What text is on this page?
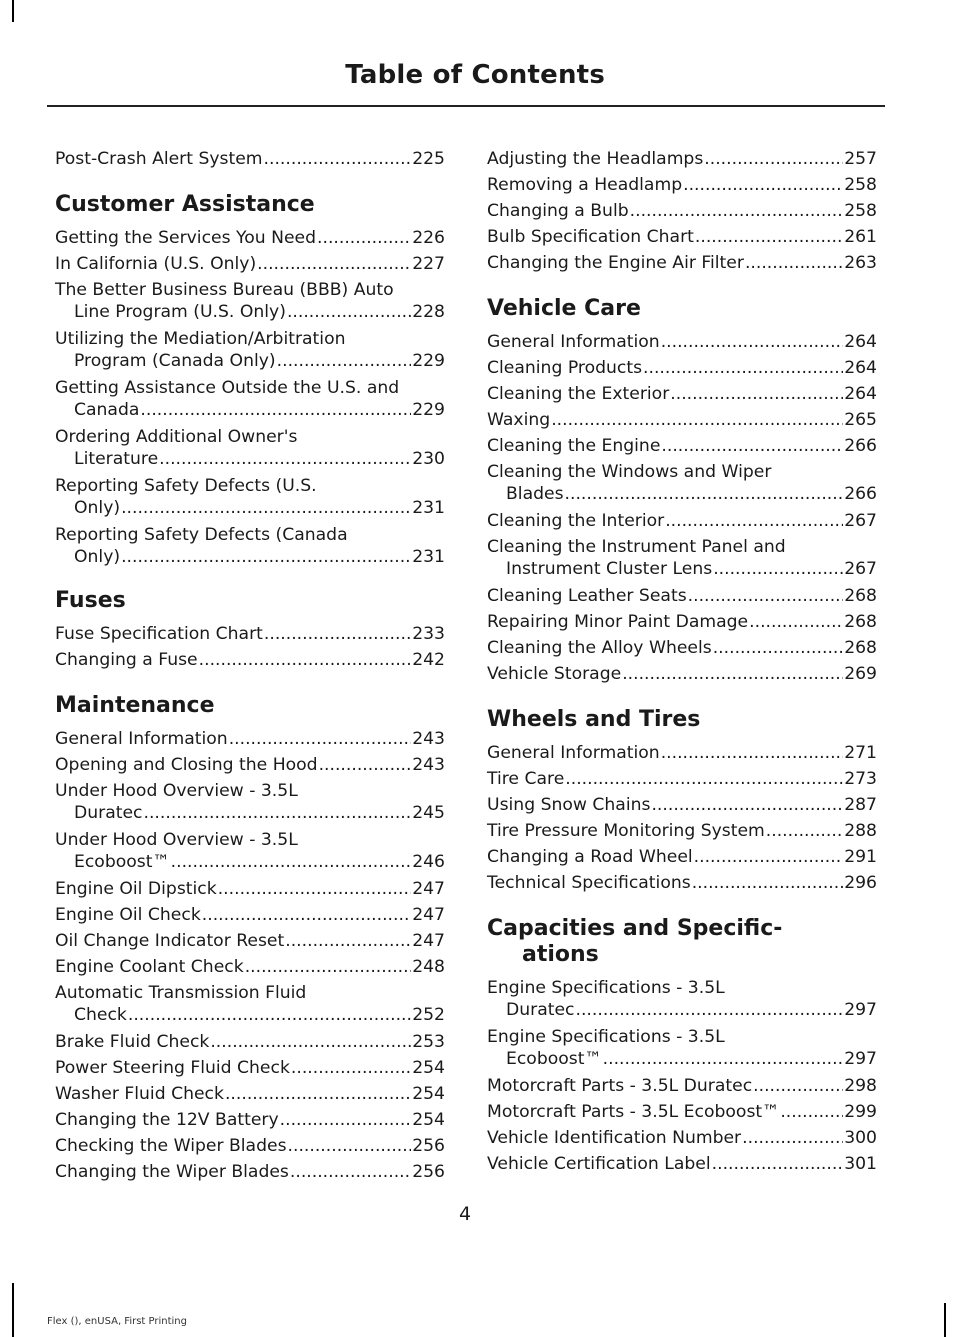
Table of Contents
Post-Crash Alert System .....	225
Customer Assistance
Getting the Services You Need .....	226
In California (U.S. Only) .....	227
The Better Business Bureau (BBB) Auto
Line Program (U.S. Only) .....	228
Utilizing the Mediation/Arbitration
Program (Canada Only) .....	229
Getting Assistance Outside the U.S. and
Canada .....	229
Ordering Additional Owner's
Literature .....	230
Reporting Safety Defects (U.S.
Only) .....	231
Reporting Safety Defects (Canada
Only) .....	231
Fuses
Fuse Specification Chart .....	233
Changing a Fuse .....	242
Maintenance
General Information .....	243
Opening and Closing the Hood .....	243
Under Hood Overview - 3.5L
Duratec .....	245
Under Hood Overview - 3.5L
Ecoboost™ .....	246
Engine Oil Dipstick .....	247
Engine Oil Check .....	247
Oil Change Indicator Reset .....	247
Engine Coolant Check .....	248
Automatic Transmission Fluid
Check .....	252
Brake Fluid Check .....	253
Power Steering Fluid Check .....	254
Washer Fluid Check .....	254
Changing the 12V Battery .....	254
Checking the Wiper Blades .....	256
Changing the Wiper Blades .....	256
Adjusting the Headlamps .....	257
Removing a Headlamp .....	258
Changing a Bulb .....	258
Bulb Specification Chart .....	261
Changing the Engine Air Filter .....	263
Vehicle Care
General Information .....	264
Cleaning Products .....	264
Cleaning the Exterior .....	264
Waxing .....	265
Cleaning the Engine .....	266
Cleaning the Windows and Wiper
Blades .....	266
Cleaning the Interior .....	267
Cleaning the Instrument Panel and
Instrument Cluster Lens .....	267
Cleaning Leather Seats .....	268
Repairing Minor Paint Damage .....	268
Cleaning the Alloy Wheels .....	268
Vehicle Storage .....	269
Wheels and Tires
General Information .....	271
Tire Care .....	273
Using Snow Chains .....	287
Tire Pressure Monitoring System .....	288
Changing a Road Wheel .....	291
Technical Specifications .....	296
Capacities and Specific-
ations
Engine Specifications - 3.5L
Duratec .....	297
Engine Specifications - 3.5L
Ecoboost™ .....	297
Motorcraft Parts - 3.5L Duratec .....	298
Motorcraft Parts - 3.5L Ecoboost™ .....	299
Vehicle Identification Number .....	300
Vehicle Certification Label .....	301
4
Flex (), enUSA, First Printing
